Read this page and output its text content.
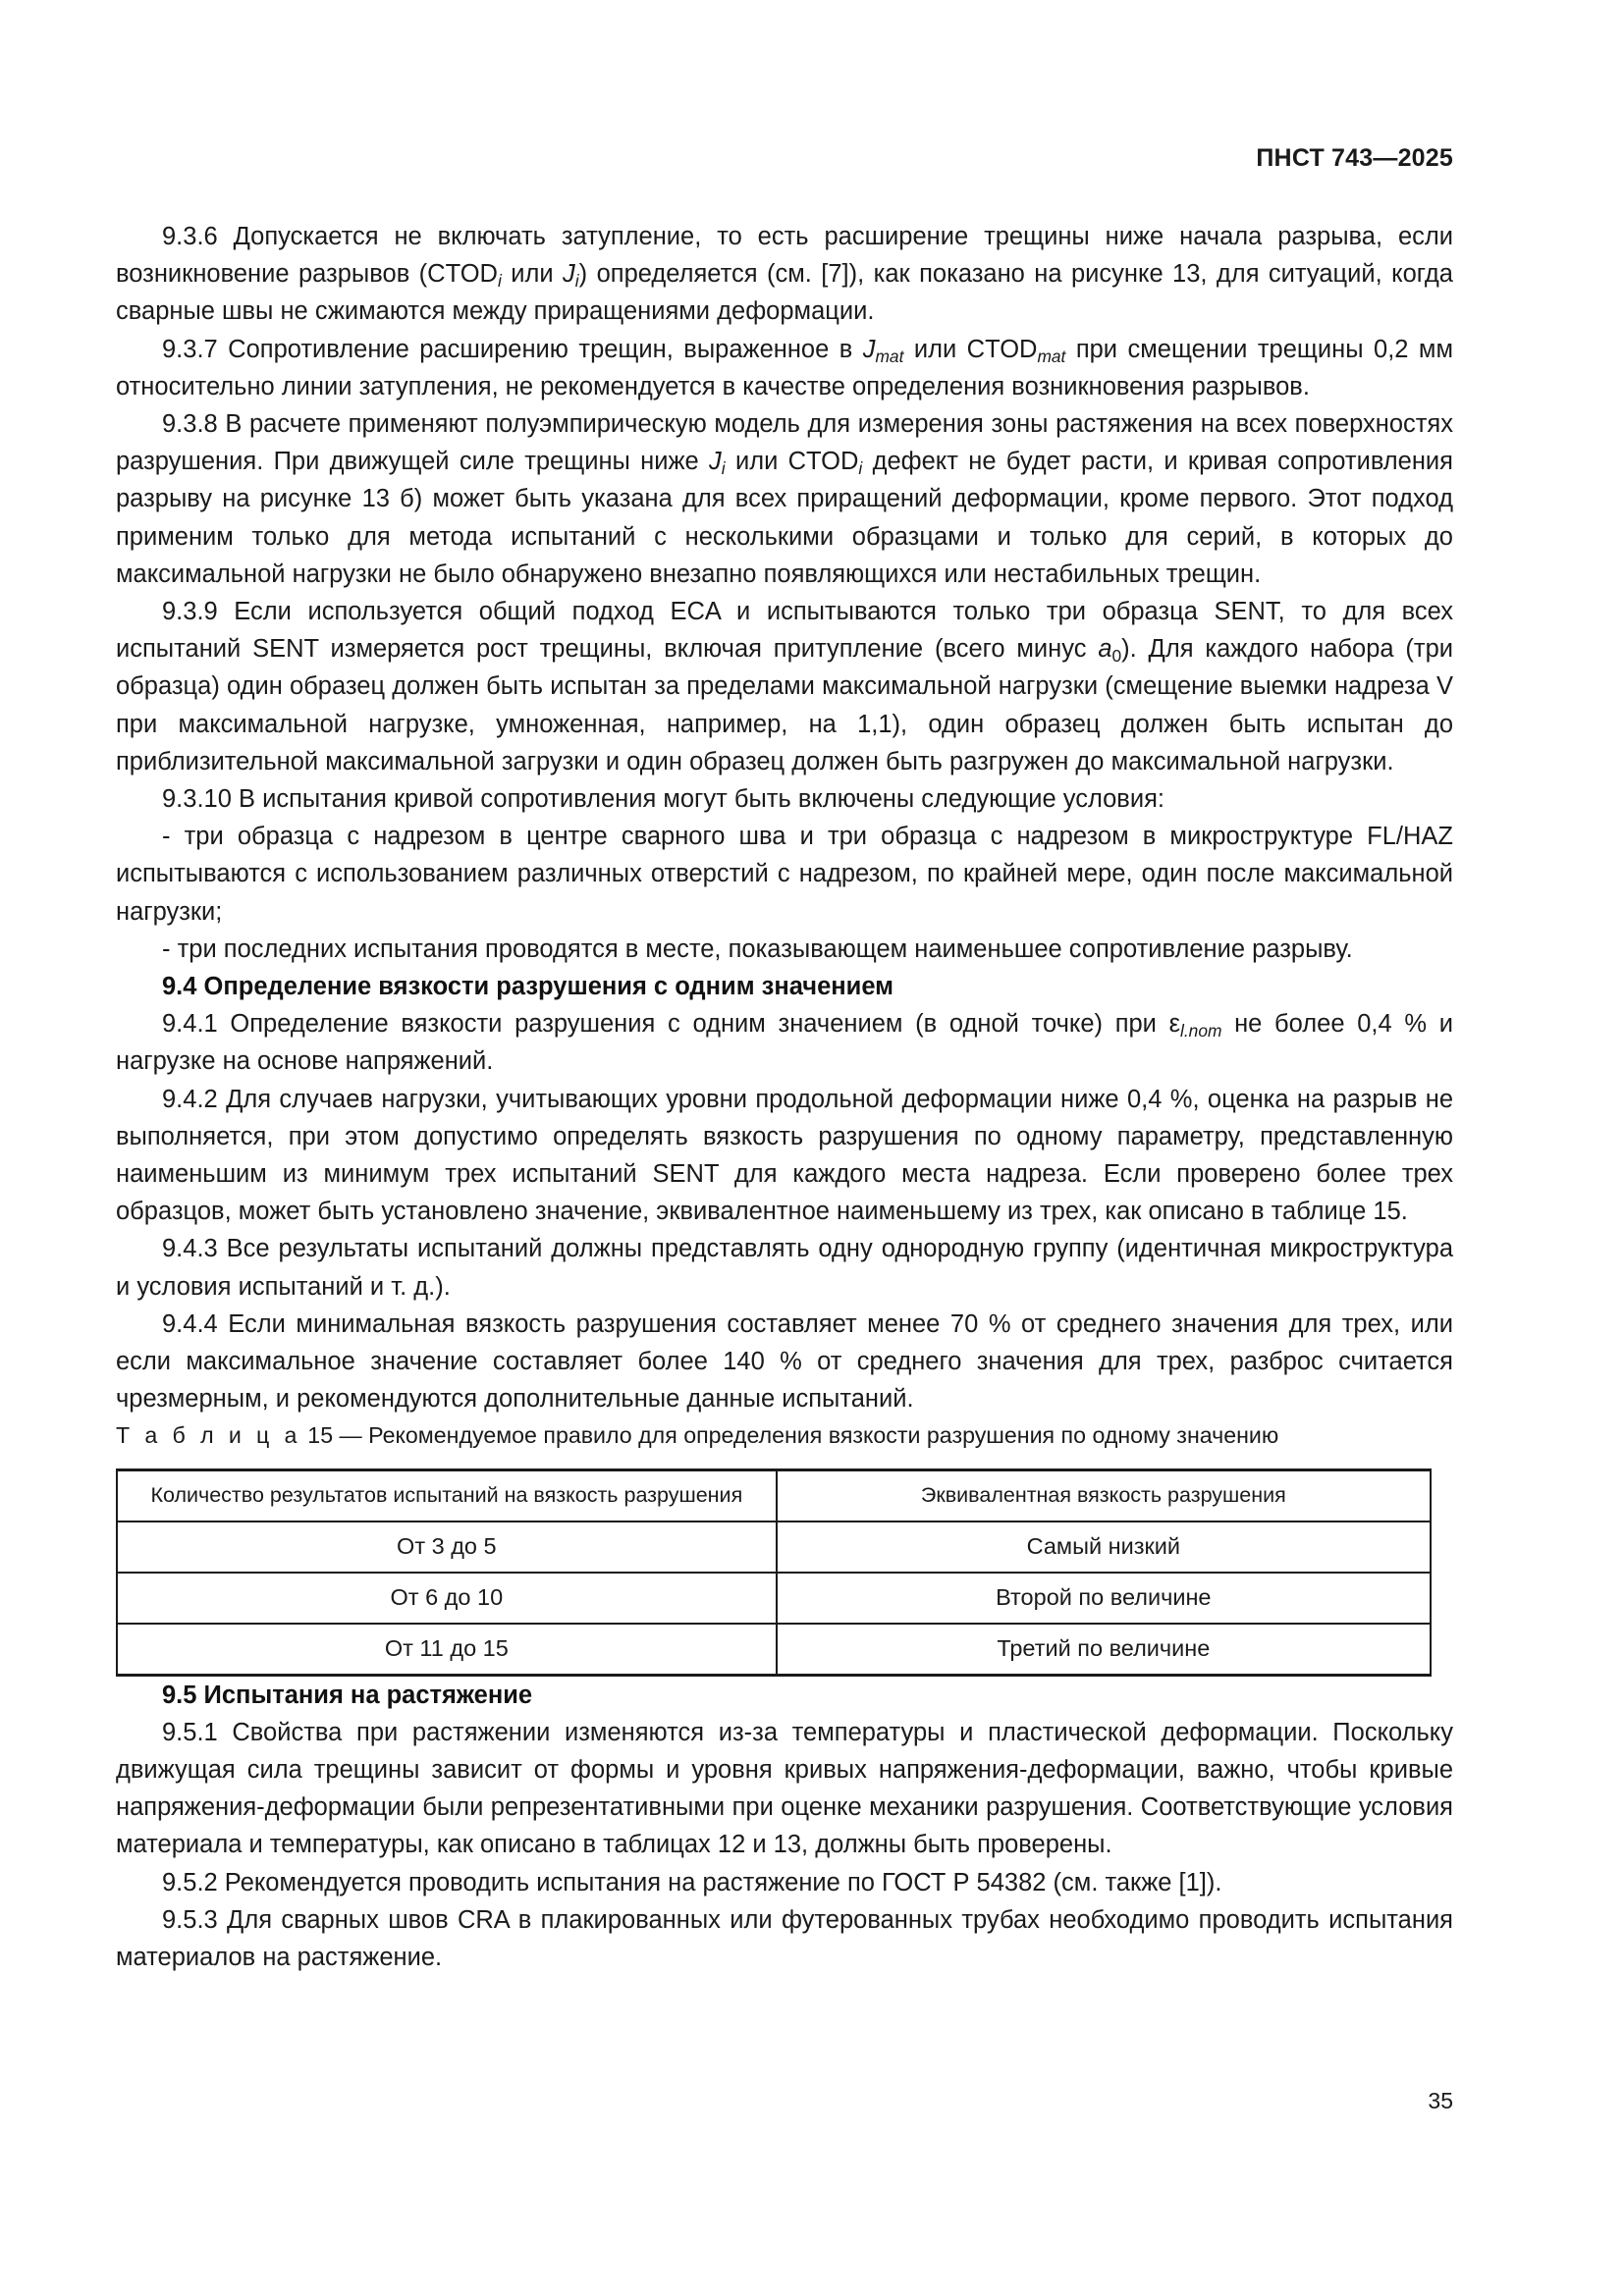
ПНСТ 743—2025

9.3.6 Допускается не включать затупление, то есть расширение трещины ниже начала разрыва, если возникновение разрывов ($CTOD_i$ или $J_i$) определяется (см. [7]), как показано на рисунке 13, для ситуаций, когда сварные швы не сжимаются между приращениями деформации.

9.3.7 Сопротивление расширению трещин, выраженное в $J_{mat}$ или $CTOD_{mat}$ при смещении трещины 0,2 мм относительно линии затупления, не рекомендуется в качестве определения возникновения разрывов.

9.3.8 В расчете применяют полуэмпирическую модель для измерения зоны растяжения на всех поверхностях разрушения. При движущей силе трещины ниже $J_i$ или $CTOD_i$ дефект не будет расти, и кривая сопротивления разрыву на рисунке 13 б) может быть указана для всех приращений деформации, кроме первого. Этот подход применим только для метода испытаний с несколькими образцами и только для серий, в которых до максимальной нагрузки не было обнаружено внезапно появляющихся или нестабильных трещин.

9.3.9 Если используется общий подход ECA и испытываются только три образца SENT, то для всех испытаний SENT измеряется рост трещины, включая притупление (всего минус $a_0$). Для каждого набора (три образца) один образец должен быть испытан за пределами максимальной нагрузки (смещение выемки надреза V при максимальной нагрузке, умноженная, например, на 1,1), один образец должен быть испытан до приблизительной максимальной загрузки и один образец должен быть разгружен до максимальной нагрузки.

9.3.10 В испытания кривой сопротивления могут быть включены следующие условия:

- три образца с надрезом в центре сварного шва и три образца с надрезом в микроструктуре FL/HAZ испытываются с использованием различных отверстий с надрезом, по крайней мере, один после максимальной нагрузки;

- три последних испытания проводятся в месте, показывающем наименьшее сопротивление разрыву.

9.4 Определение вязкости разрушения с одним значением

9.4.1 Определение вязкости разрушения с одним значением (в одной точке) при $\varepsilon_{l.nom}$ не более 0,4 % и нагрузке на основе напряжений.

9.4.2 Для случаев нагрузки, учитывающих уровни продольной деформации ниже 0,4 %, оценка на разрыв не выполняется, при этом допустимо определять вязкость разрушения по одному параметру, представленную наименьшим из минимум трех испытаний SENT для каждого места надреза. Если проверено более трех образцов, может быть установлено значение, эквивалентное наименьшему из трех, как описано в таблице 15.

9.4.3 Все результаты испытаний должны представлять одну однородную группу (идентичная микроструктура и условия испытаний и т. д.).

9.4.4 Если минимальная вязкость разрушения составляет менее 70 % от среднего значения для трех, или если максимальное значение составляет более 140 % от среднего значения для трех, разброс считается чрезмерным, и рекомендуются дополнительные данные испытаний.

Т а б л и ц а 15 — Рекомендуемое правило для определения вязкости разрушения по одному значению

Количество результатов испытаний на вязкость разрушения	Эквивалентная вязкость разрушения
От 3 до 5	Самый низкий
От 6 до 10	Второй по величине
От 11 до 15	Третий по величине
9.5 Испытания на растяжение

9.5.1 Свойства при растяжении изменяются из-за температуры и пластической деформации. Поскольку движущая сила трещины зависит от формы и уровня кривых напряжения-деформации, важно, чтобы кривые напряжения-деформации были репрезентативными при оценке механики разрушения. Соответствующие условия материала и температуры, как описано в таблицах 12 и 13, должны быть проверены.

9.5.2 Рекомендуется проводить испытания на растяжение по ГОСТ Р 54382 (см. также [1]).

9.5.3 Для сварных швов CRA в плакированных или футерованных трубах необходимо проводить испытания материалов на растяжение.

35
